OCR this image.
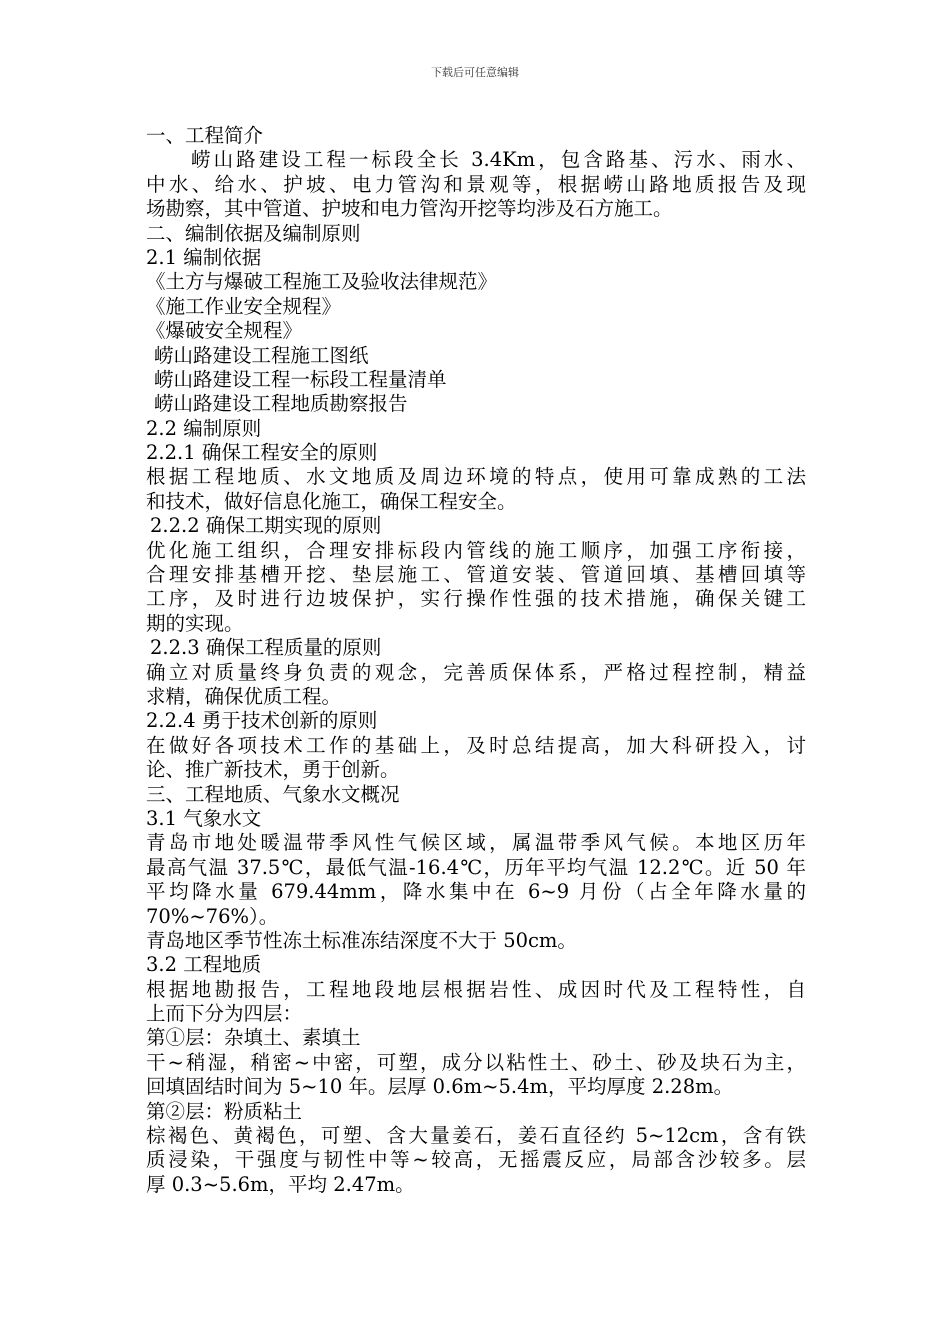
下载后可任意编辑
一、工程简介
崂山路建设工程一标段全长 3.4Km，包含路基、污水、雨水、
中水、给水、护坡、电力管沟和景观等，根据崂山路地质报告及现
场勘察，其中管道、护坡和电力管沟开挖等均涉及石方施工。
二、编制依据及编制原则
2.1 编制依据
《土方与爆破工程施工及验收法律规范》
《施工作业安全规程》
《爆破安全规程》
崂山路建设工程施工图纸
崂山路建设工程一标段工程量清单
崂山路建设工程地质勘察报告
2.2 编制原则
2.2.1 确保工程安全的原则
根据工程地质、水文地质及周边环境的特点，使用可靠成熟的工法
和技术，做好信息化施工，确保工程安全。
2.2.2 确保工期实现的原则
优化施工组织，合理安排标段内管线的施工顺序，加强工序衔接，
合理安排基槽开挖、垫层施工、管道安装、管道回填、基槽回填等
工序，及时进行边坡保护，实行操作性强的技术措施，确保关键工
期的实现。
2.2.3 确保工程质量的原则
确立对质量终身负责的观念，完善质保体系，严格过程控制，精益
求精，确保优质工程。
2.2.4 勇于技术创新的原则
在做好各项技术工作的基础上，及时总结提高，加大科研投入，讨
论、推广新技术，勇于创新。
三、工程地质、气象水文概况
3.1 气象水文
青岛市地处暖温带季风性气候区域，属温带季风气候。本地区历年
最高气温 37.5℃，最低气温-16.4℃，历年平均气温 12.2℃。近 50 年
平均降水量 679.44mm，降水集中在 6~9 月份（占全年降水量的
70%~76%）。
青岛地区季节性冻土标准冻结深度不大于 50cm。
3.2 工程地质
根据地勘报告，工程地段地层根据岩性、成因时代及工程特性，自
上而下分为四层：
第①层：杂填土、素填土
干~稍湿，稍密~中密，可塑，成分以粘性土、砂土、砂及块石为主，
回填固结时间为 5~10 年。层厚 0.6m~5.4m，平均厚度 2.28m。
第②层：粉质粘土
棕褐色、黄褐色，可塑、含大量姜石，姜石直径约 5~12cm，含有铁
质浸染，干强度与韧性中等~较高，无摇震反应，局部含沙较多。层
厚 0.3~5.6m，平均 2.47m。
